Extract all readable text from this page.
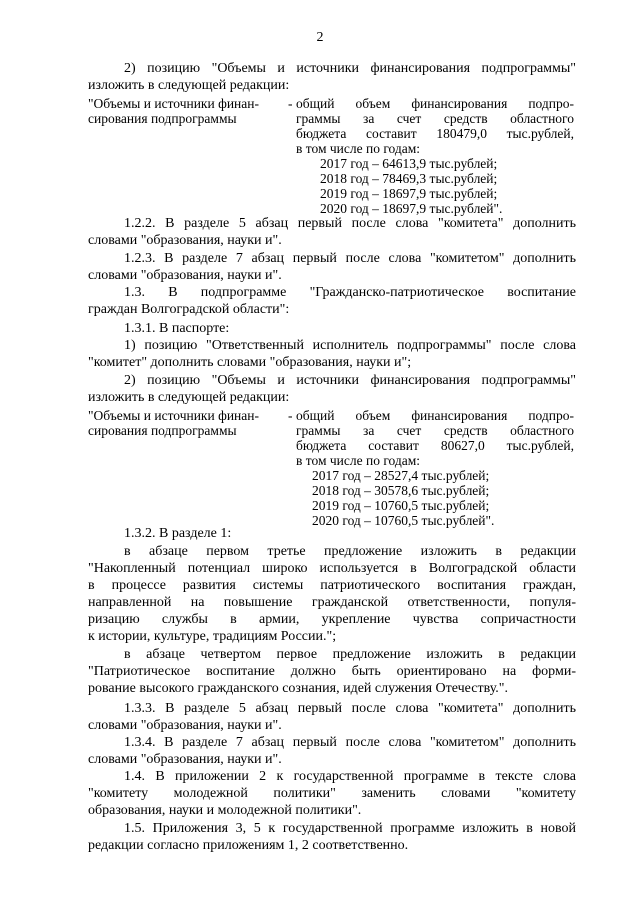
2
2) позицию "Объемы и источники финансирования подпрограммы"
изложить в следующей редакции:
"Объемы и источники финан-
сирования подпрограммы
- общий объем финансирования подпро-
граммы за счет средств областного
бюджета составит 180479,0 тыс.рублей,
в том числе по годам:
2017 год – 64613,9 тыс.рублей;
2018 год – 78469,3 тыс.рублей;
2019 год – 18697,9 тыс.рублей;
2020 год – 18697,9 тыс.рублей".
1.2.2. В разделе 5 абзац первый после слова "комитета" дополнить
словами "образования, науки и".
1.2.3. В разделе 7 абзац первый после слова "комитетом" дополнить
словами "образования, науки и".
1.3. В подпрограмме "Гражданско-патриотическое воспитание
граждан Волгоградской области":
1.3.1. В паспорте:
1) позицию "Ответственный исполнитель подпрограммы" после слова
"комитет" дополнить словами "образования, науки и";
2) позицию "Объемы и источники финансирования подпрограммы"
изложить в следующей редакции:
"Объемы и источники финан-
сирования подпрограммы
- общий объем финансирования подпро-
граммы за счет средств областного
бюджета составит 80627,0 тыс.рублей,
в том числе по годам:
2017 год – 28527,4 тыс.рублей;
2018 год – 30578,6 тыс.рублей;
2019 год – 10760,5 тыс.рублей;
2020 год – 10760,5 тыс.рублей".
1.3.2. В разделе 1:
в абзаце первом третье предложение изложить в редакции
"Накопленный потенциал широко используется в Волгоградской области
в процессе развития системы патриотического воспитания граждан,
направленной на повышение гражданской ответственности, популя-
ризацию службы в армии, укрепление чувства сопричастности
к истории, культуре, традициям России.";
в абзаце четвертом первое предложение изложить в редакции
"Патриотическое воспитание должно быть ориентировано на форми-
рование высокого гражданского сознания, идей служения Отечеству.".
1.3.3. В разделе 5 абзац первый после слова "комитета" дополнить
словами "образования, науки и".
1.3.4. В разделе 7 абзац первый после слова "комитетом" дополнить
словами "образования, науки и".
1.4. В приложении 2 к государственной программе в тексте слова
"комитету молодежной политики" заменить словами "комитету
образования, науки и молодежной политики".
1.5. Приложения 3, 5 к государственной программе изложить в новой
редакции согласно приложениям 1, 2 соответственно.
